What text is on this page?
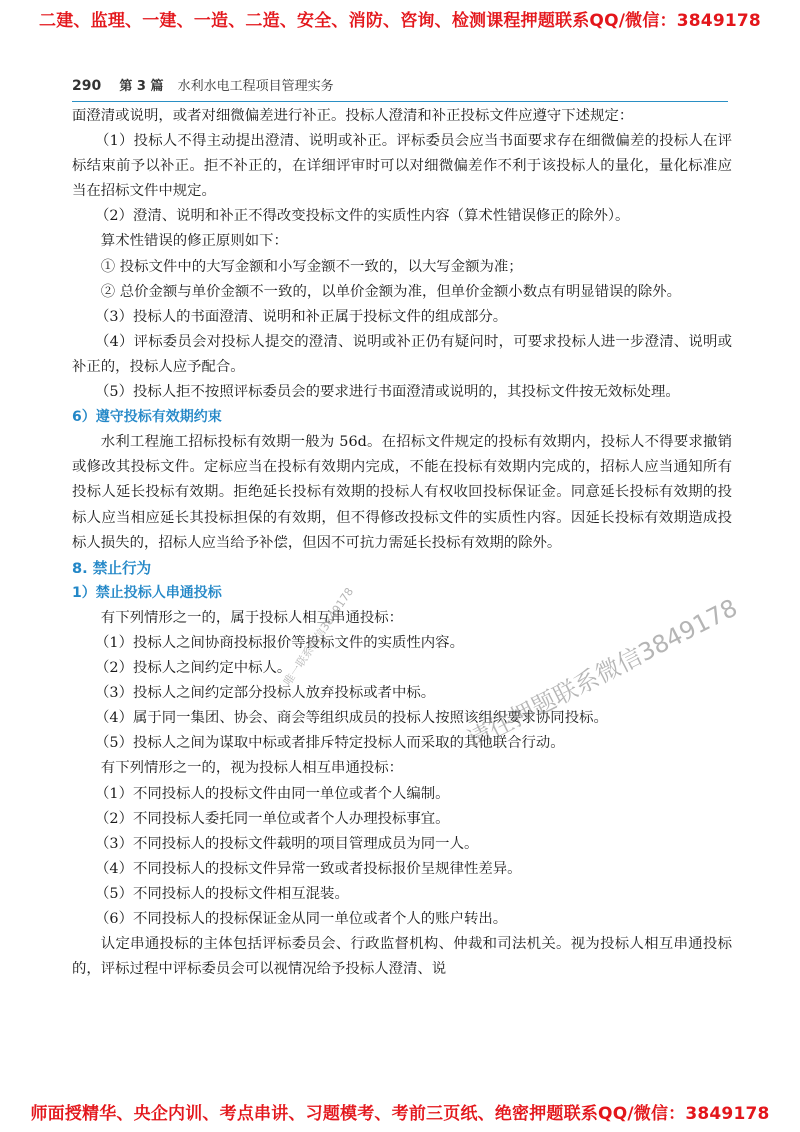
二建、监理、一建、一造、二造、安全、消防、咨询、检测课程押题联系QQ/微信：3849178
290 第 3 篇 水利水电工程项目管理实务

面澄清或说明，或者对细微偏差进行补正。投标人澄清和补正投标文件应遵守下述规定：

（1）投标人不得主动提出澄清、说明或补正。评标委员会应当书面要求存在细微偏差的投标人在评标结束前予以补正。拒不补正的，在详细评审时可以对细微偏差作不利于该投标人的量化，量化标准应当在招标文件中规定。

（2）澄清、说明和补正不得改变投标文件的实质性内容（算术性错误修正的除外）。

算术性错误的修正原则如下：

① 投标文件中的大写金额和小写金额不一致的，以大写金额为准；

② 总价金额与单价金额不一致的，以单价金额为准，但单价金额小数点有明显错误的除外。

（3）投标人的书面澄清、说明和补正属于投标文件的组成部分。

（4）评标委员会对投标人提交的澄清、说明或补正仍有疑问时，可要求投标人进一步澄清、说明或补正的，投标人应予配合。

（5）投标人拒不按照评标委员会的要求进行书面澄清或说明的，其投标文件按无效标处理。

6）遵守投标有效期约束

水利工程施工招标投标有效期一般为 56d。在招标文件规定的投标有效期内，投标人不得要求撤销或修改其投标文件。定标应当在投标有效期内完成，不能在投标有效期内完成的，招标人应当通知所有投标人延长投标有效期。拒绝延长投标有效期的投标人有权收回投标保证金。同意延长投标有效期的投标人应当相应延长其投标担保的有效期，但不得修改投标文件的实质性内容。因延长投标有效期造成投标人损失的，招标人应当给予补偿，但因不可抗力需延长投标有效期的除外。

8. 禁止行为

1）禁止投标人串通投标

有下列情形之一的，属于投标人相互串通投标：

（1）投标人之间协商投标报价等投标文件的实质性内容。

（2）投标人之间约定中标人。

（3）投标人之间约定部分投标人放弃投标或者中标。

（4）属于同一集团、协会、商会等组织成员的投标人按照该组织要求协同投标。

（5）投标人之间为谋取中标或者排斥特定投标人而采取的其他联合行动。

有下列情形之一的，视为投标人相互串通投标：

（1）不同投标人的投标文件由同一单位或者个人编制。

（2）不同投标人委托同一单位或者个人办理投标事宜。

（3）不同投标人的投标文件载明的项目管理成员为同一人。

（4）不同投标人的投标文件异常一致或者投标报价呈规律性差异。

（5）不同投标人的投标文件相互混装。

（6）不同投标人的投标保证金从同一单位或者个人的账户转出。

认定串通投标的主体包括评标委员会、行政监督机构、仲裁和司法机关。视为投标人相互串通投标的，评标过程中评标委员会可以视情况给予投标人澄清、说

请往押题联系微信3849178
唯一联系微信3849178
师面授精华、央企内训、考点串讲、习题模考、考前三页纸、绝密押题联系QQ/微信：3849178
